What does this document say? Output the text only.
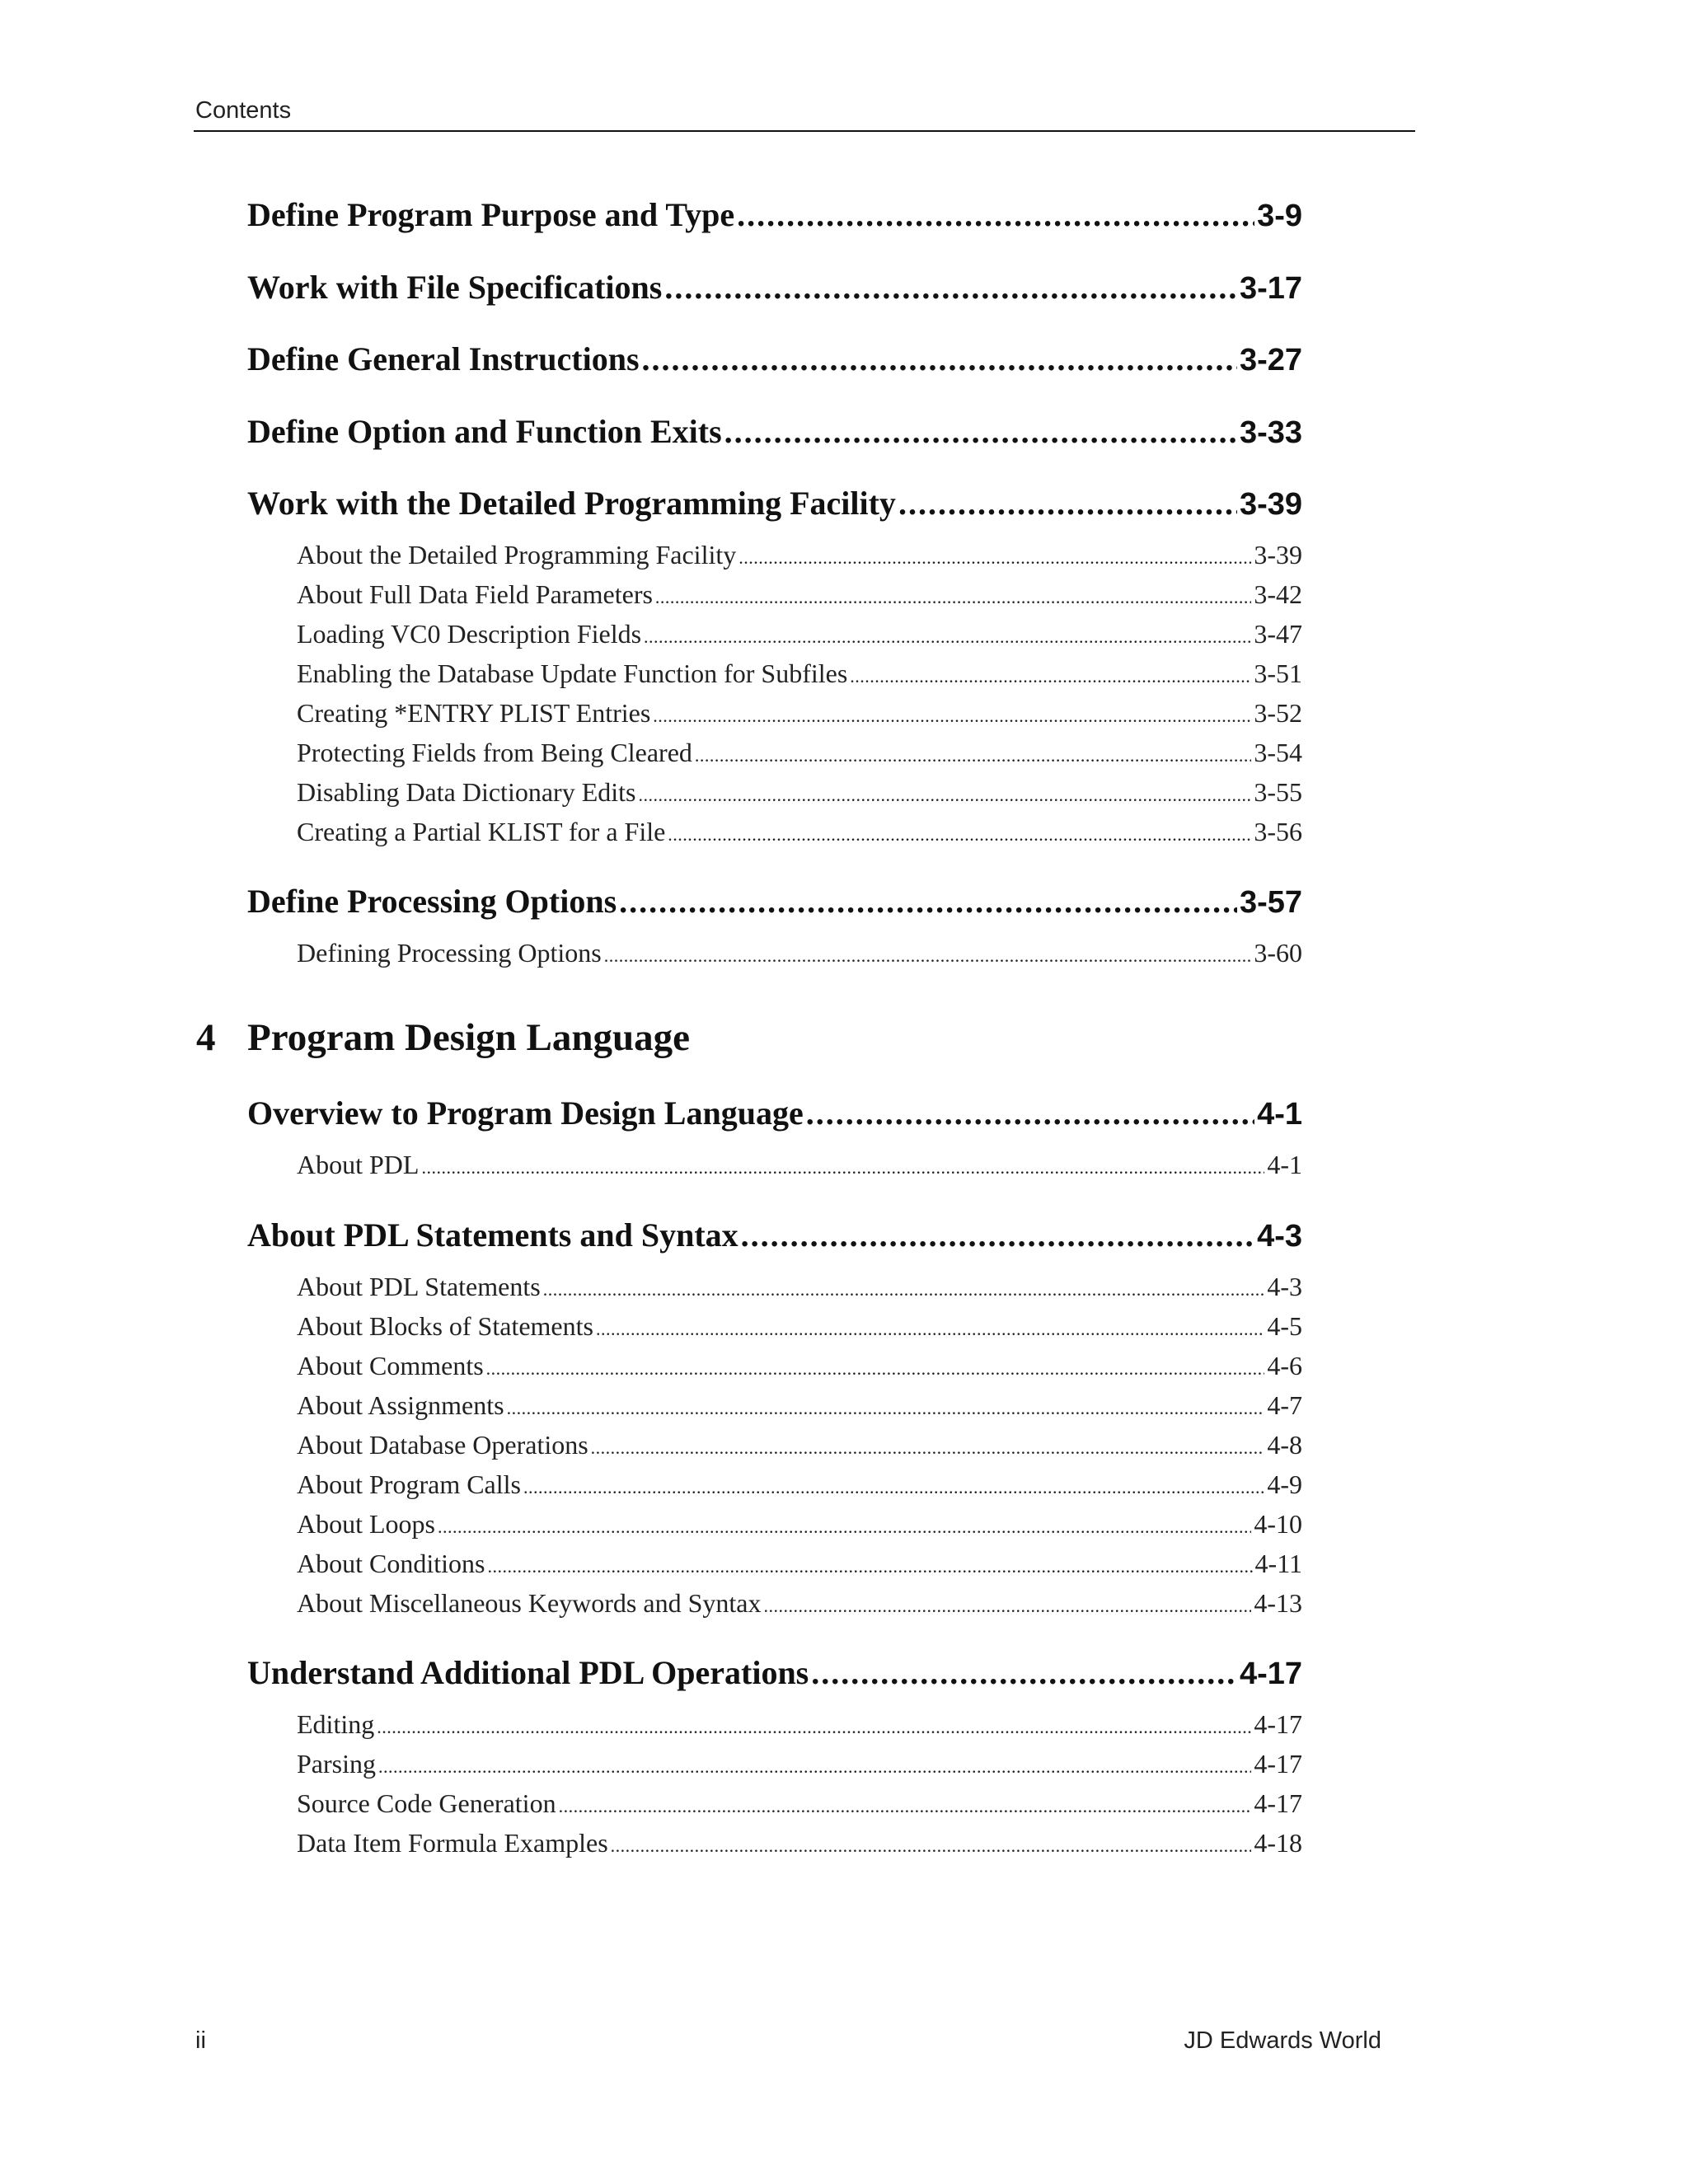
Contents
Define Program Purpose and Type .....	3-9
Work with File Specifications .....	3-17
Define General Instructions .....	3-27
Define Option and Function Exits .....	3-33
Work with the Detailed Programming Facility .....	3-39
About the Detailed Programming Facility .....	3-39
About Full Data Field Parameters .....	3-42
Loading VC0 Description Fields .....	3-47
Enabling the Database Update Function for Subfiles .....	3-51
Creating *ENTRY PLIST Entries .....	3-52
Protecting Fields from Being Cleared .....	3-54
Disabling Data Dictionary Edits .....	3-55
Creating a Partial KLIST for a File .....	3-56
Define Processing Options .....	3-57
Defining Processing Options .....	3-60
4 Program Design Language
Overview to Program Design Language .....	4-1
About PDL .....	4-1
About PDL Statements and Syntax .....	4-3
About PDL Statements .....	4-3
About Blocks of Statements .....	4-5
About Comments .....	4-6
About Assignments .....	4-7
About Database Operations .....	4-8
About Program Calls .....	4-9
About Loops .....	4-10
About Conditions .....	4-11
About Miscellaneous Keywords and Syntax .....	4-13
Understand Additional PDL Operations .....	4-17
Editing .....	4-17
Parsing .....	4-17
Source Code Generation .....	4-17
Data Item Formula Examples .....	4-18
ii	JD Edwards World
